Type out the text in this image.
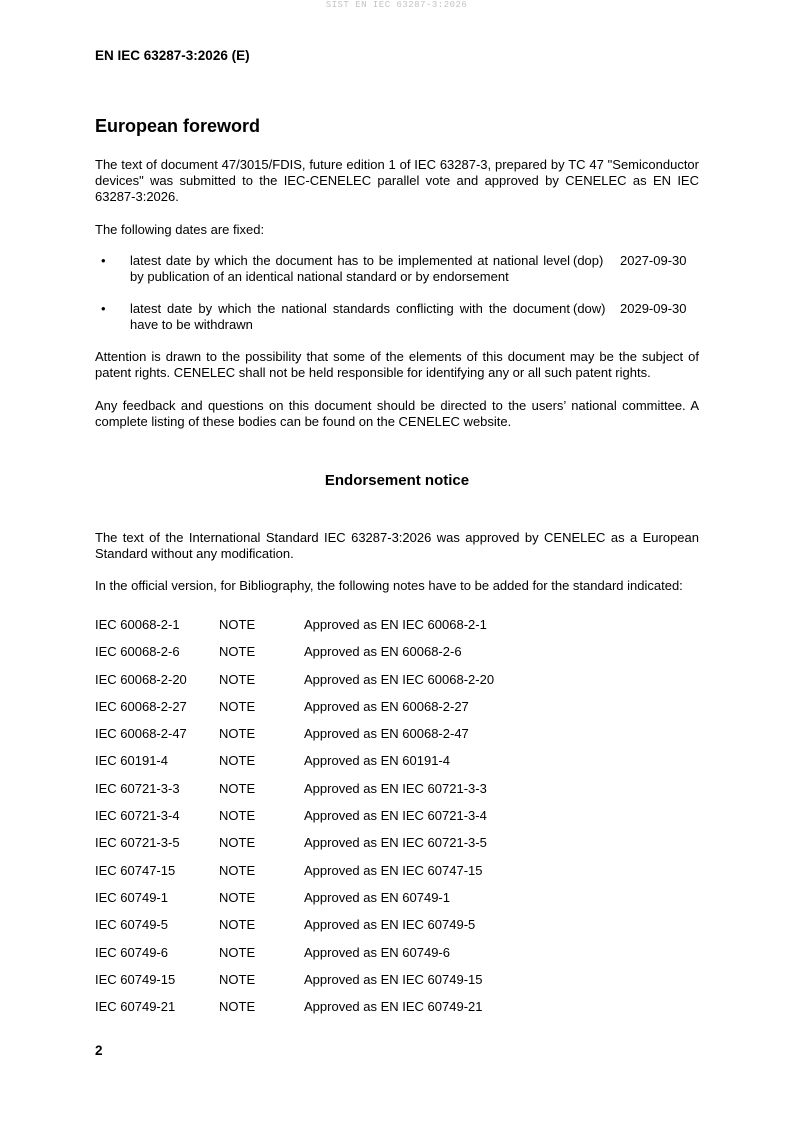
SIST EN IEC 63287-3:2026
EN IEC 63287-3:2026 (E)
European foreword
The text of document 47/3015/FDIS, future edition 1 of IEC 63287-3, prepared by TC 47 "Semiconductor devices" was submitted to the IEC-CENELEC parallel vote and approved by CENELEC as EN IEC 63287-3:2026.
The following dates are fixed:
• latest date by which the document has to be implemented at national level by publication of an identical national standard or by endorsement
(dop) 2027-09-30
• latest date by which the national standards conflicting with the document have to be withdrawn
(dow) 2029-09-30
Attention is drawn to the possibility that some of the elements of this document may be the subject of patent rights. CENELEC shall not be held responsible for identifying any or all such patent rights.
Any feedback and questions on this document should be directed to the users’ national committee. A complete listing of these bodies can be found on the CENELEC website.
Endorsement notice
The text of the International Standard IEC 63287-3:2026 was approved by CENELEC as a European Standard without any modification.
In the official version, for Bibliography, the following notes have to be added for the standard indicated:
IEC 60068-2-1	NOTE	Approved as EN IEC 60068-2-1
IEC 60068-2-6	NOTE	Approved as EN 60068-2-6
IEC 60068-2-20 NOTE	Approved as EN IEC 60068-2-20
IEC 60068-2-27 NOTE	Approved as EN 60068-2-27
IEC 60068-2-47 NOTE	Approved as EN 60068-2-47
IEC 60191-4	NOTE	Approved as EN 60191-4
IEC 60721-3-3	NOTE	Approved as EN IEC 60721-3-3
IEC 60721-3-4	NOTE	Approved as EN IEC 60721-3-4
IEC 60721-3-5	NOTE	Approved as EN IEC 60721-3-5
IEC 60747-15	NOTE	Approved as EN IEC 60747-15
IEC 60749-1	NOTE	Approved as EN 60749-1
IEC 60749-5	NOTE	Approved as EN IEC 60749-5
IEC 60749-6	NOTE	Approved as EN 60749-6
IEC 60749-15	NOTE	Approved as EN IEC 60749-15
IEC 60749-21	NOTE	Approved as EN IEC 60749-21
2
